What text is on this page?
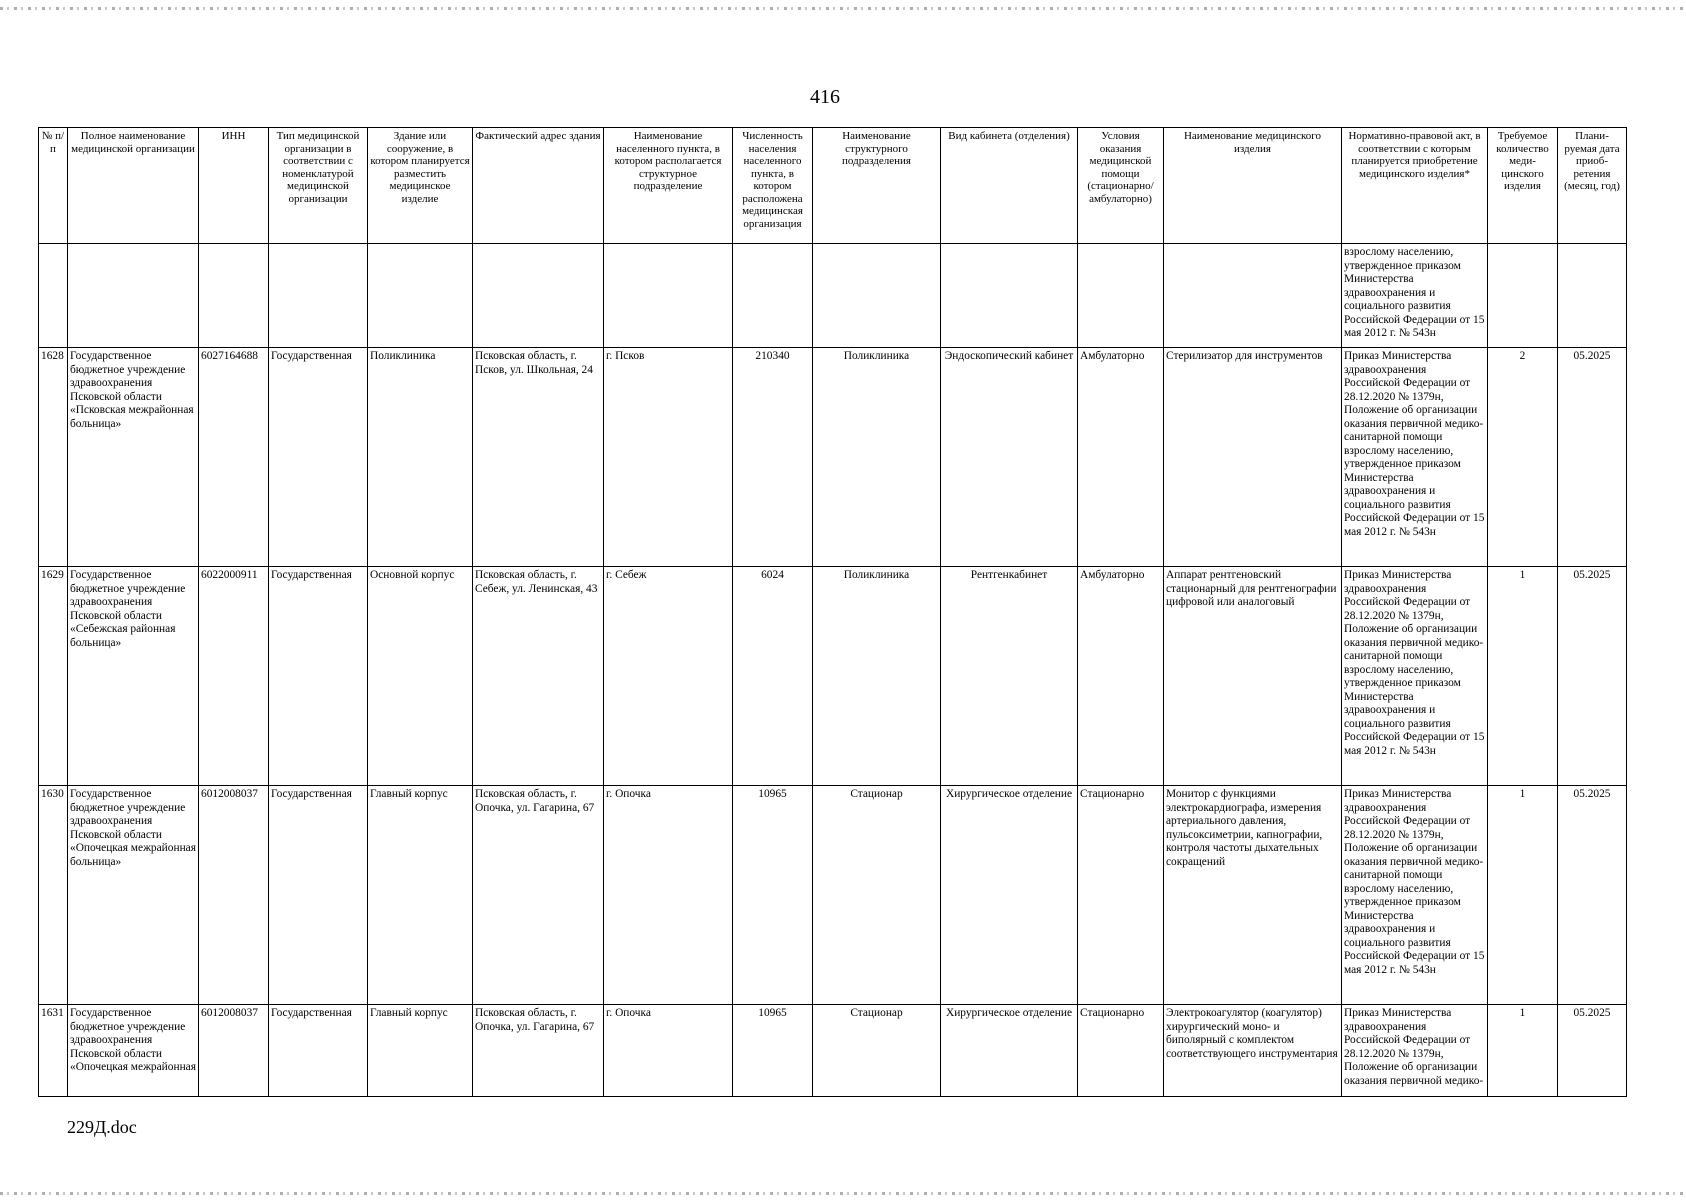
416
№ п/п	Полное наименование медицинской организации	ИНН	Тип медицинской организации в соответствии с номенклатурой медицинской организации	Здание или сооружение, в котором планируется разместить медицинское изделие	Фактический адрес здания	Наименование населенного пункта, в котором располагается структурное подразделение	Численность населения населенного пункта, в котором расположена медицинская организация	Наименование структурного подразделения	Вид кабинета (отделения)	Условия оказания медицинской помощи (стационарно/ амбулаторно)	Наименование медицинского изделия	Нормативно-правовой акт, в соответствии с которым планируется приобретение медицинского изделия*	Требуемое количество меди-цинского изделия	Плани-руемая дата приоб-ретения (месяц, год)
												взрослому населению, утвержденное приказом Министерства здравоохранения и социального развития Российской Федерации от 15 мая 2012 г. № 543н		
1628	Государственное бюджетное учреждение здравоохранения Псковской области «Псковская межрайонная больница»	6027164688	Государственная	Поликлиника	Псковская область, г. Псков, ул. Школьная, 24	г. Псков	210340	Поликлиника	Эндоскопический кабинет	Амбулаторно	Стерилизатор для инструментов	Приказ Министерства здравоохранения Российской Федерации от 28.12.2020 № 1379н, Положение об организации оказания первичной медико-санитарной помощи взрослому населению, утвержденное приказом Министерства здравоохранения и социального развития Российской Федерации от 15 мая 2012 г. № 543н	2	05.2025
1629	Государственное бюджетное учреждение здравоохранения Псковской области «Себежская районная больница»	6022000911	Государственная	Основной корпус	Псковская область, г. Себеж, ул. Ленинская, 43	г. Себеж	6024	Поликлиника	Рентгенкабинет	Амбулаторно	Аппарат рентгеновский стационарный для рентгенографии цифровой или аналоговый	Приказ Министерства здравоохранения Российской Федерации от 28.12.2020 № 1379н, Положение об организации оказания первичной медико-санитарной помощи взрослому населению, утвержденное приказом Министерства здравоохранения и социального развития Российской Федерации от 15 мая 2012 г. № 543н	1	05.2025
1630	Государственное бюджетное учреждение здравоохранения Псковской области «Опочецкая межрайонная больница»	6012008037	Государственная	Главный корпус	Псковская область, г. Опочка, ул. Гагарина, 67	г. Опочка	10965	Стационар	Хирургическое отделение	Стационарно	Монитор с функциями электрокардиографа, измерения артериального давления, пульсоксиметрии, капнографии, контроля частоты дыхательных сокращений	Приказ Министерства здравоохранения Российской Федерации от 28.12.2020 № 1379н, Положение об организации оказания первичной медико-санитарной помощи взрослому населению, утвержденное приказом Министерства здравоохранения и социального развития Российской Федерации от 15 мая 2012 г. № 543н	1	05.2025
1631	Государственное бюджетное учреждение здравоохранения Псковской области «Опочецкая межрайонная	6012008037	Государственная	Главный корпус	Псковская область, г. Опочка, ул. Гагарина, 67	г. Опочка	10965	Стационар	Хирургическое отделение	Стационарно	Электрокоагулятор (коагулятор) хирургический моно- и биполярный с комплектом соответствующего инструментария	Приказ Министерства здравоохранения Российской Федерации от 28.12.2020 № 1379н, Положение об организации оказания первичной медико-	1	05.2025
229Д.doc
